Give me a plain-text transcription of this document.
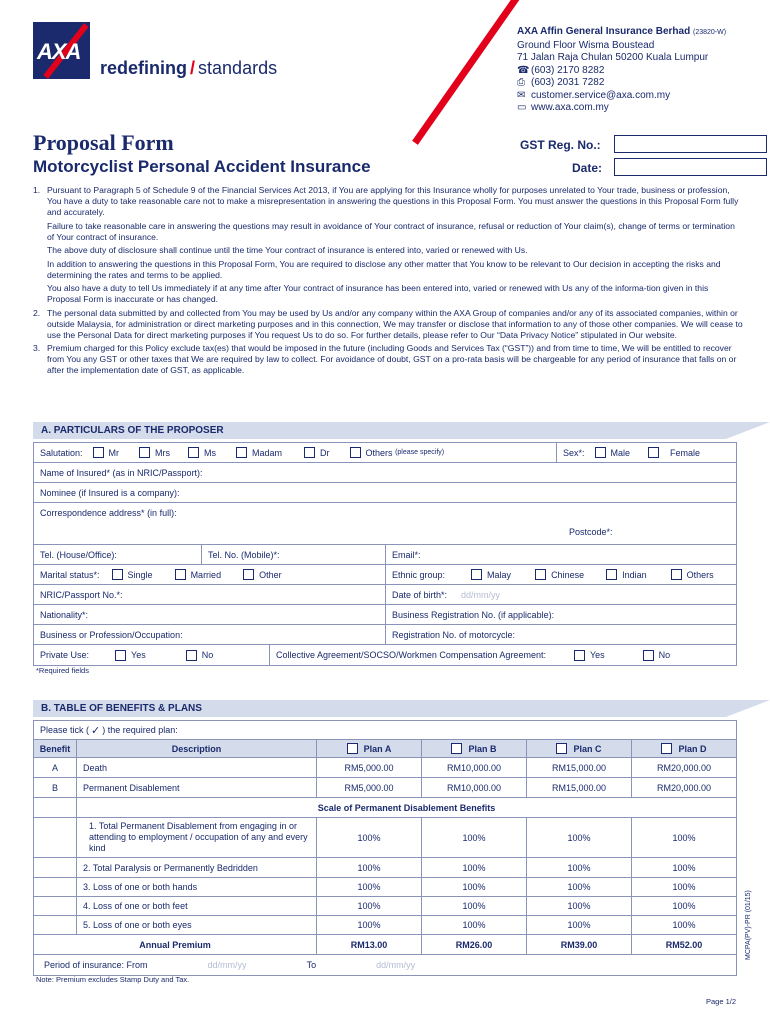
AXA
redefining / standards
AXA Affin General Insurance Berhad (23820-W)
Ground Floor Wisma Boustead
71 Jalan Raja Chulan 50200 Kuala Lumpur
☎ (603) 2170 8282
⎙ (603) 2031 7282
✉ customer.service@axa.com.my
▭ www.axa.com.my
Proposal Form
Motorcyclist Personal Accident Insurance
GST Reg. No.:
Date:
1. Pursuant to Paragraph 5 of Schedule 9 of the Financial Services Act 2013, if You are applying for this Insurance wholly for purposes unrelated to Your trade, business or profession, You have a duty to take reasonable care not to make a misrepresentation in answering the questions in this Proposal Form. You must answer the questions in this Proposal Form fully and accurately.
Failure to take reasonable care in answering the questions may result in avoidance of Your contract of insurance, refusal or reduction of Your claim(s), change of terms or termination of Your contract of insurance.
The above duty of disclosure shall continue until the time Your contract of insurance is entered into, varied or renewed with Us.
In addition to answering the questions in this Proposal Form, You are required to disclose any other matter that You know to be relevant to Our decision in accepting the risks and determining the rates and terms to be applied.
You also have a duty to tell Us immediately if at any time after Your contract of insurance has been entered into, varied or renewed with Us any of the informa-tion given in this Proposal Form is inaccurate or has changed.
2. The personal data submitted by and collected from You may be used by Us and/or any company within the AXA Group of companies and/or any of its associated companies, within or outside Malaysia, for administration or direct marketing purposes and in this connection, We may transfer or disclose that information to any of those other companies. We will cease to use the Personal Data for direct marketing purposes if You request Us to do so. For further details, please refer to Our “Data Privacy Notice” stipulated in Our website.
3. Premium charged for this Policy exclude tax(es) that would be imposed in the future (including Goods and Services Tax (“GST”)) and from time to time, We will be entitled to recover from You any GST or other taxes that We are required by law to collect. For avoidance of doubt, GST on a pro-rata basis will be chargeable for any period of insurance that falls on or after the implementation date of GST, as applicable.
A. PARTICULARS OF THE PROPOSER
Salutation:	Mr	Mrs	Ms	Madam	Dr	Others
(please specify)	Sex*:	Male	Female
Name of Insured* (as in NRIC/Passport):
Nominee (if Insured is a company):
Correspondence address* (in full):
Postcode*:
Tel. (House/Office):	Tel. No. (Mobile)*:	Email*:
Marital status*:	Single	Married	Other	Ethnic group:	Malay	Chinese	Indian	Others
NRIC/Passport No.*:	Date of birth*: dd/mm/yy
Nationality*:	Business Registration No. (if applicable):
Business or Profession/Occupation:	Registration No. of motorcycle:
Private Use:	Yes	No	Collective Agreement/SOCSO/Workmen Compensation Agreement:	Yes	No
*Required fields
B. TABLE OF BENEFITS & PLANS
Please tick ( ✓ ) the required plan:
Benefit	Description	Plan A	Plan B	Plan C	Plan D
A	Death	RM5,000.00	RM10,000.00	RM15,000.00	RM20,000.00
B	Permanent Disablement	RM5,000.00	RM10,000.00	RM15,000.00	RM20,000.00
Scale of Permanent Disablement Benefits
1. Total Permanent Disablement from engaging in or attending to employment / occupation of any and every kind
100%	100%	100%	100%
2. Total Paralysis or Permanently Bedridden	100%	100%	100%	100%
3. Loss of one or both hands	100%	100%	100%	100%
4. Loss of one or both feet	100%	100%	100%	100%
5. Loss of one or both eyes	100%	100%	100%	100%
Annual Premium	RM13.00	RM26.00	RM39.00	RM52.00
Period of insurance: From	dd/mm/yy	To	dd/mm/yy
MCPA(PV)-PR (01/15)
Note: Premium excludes Stamp Duty and Tax.
Page 1/2
